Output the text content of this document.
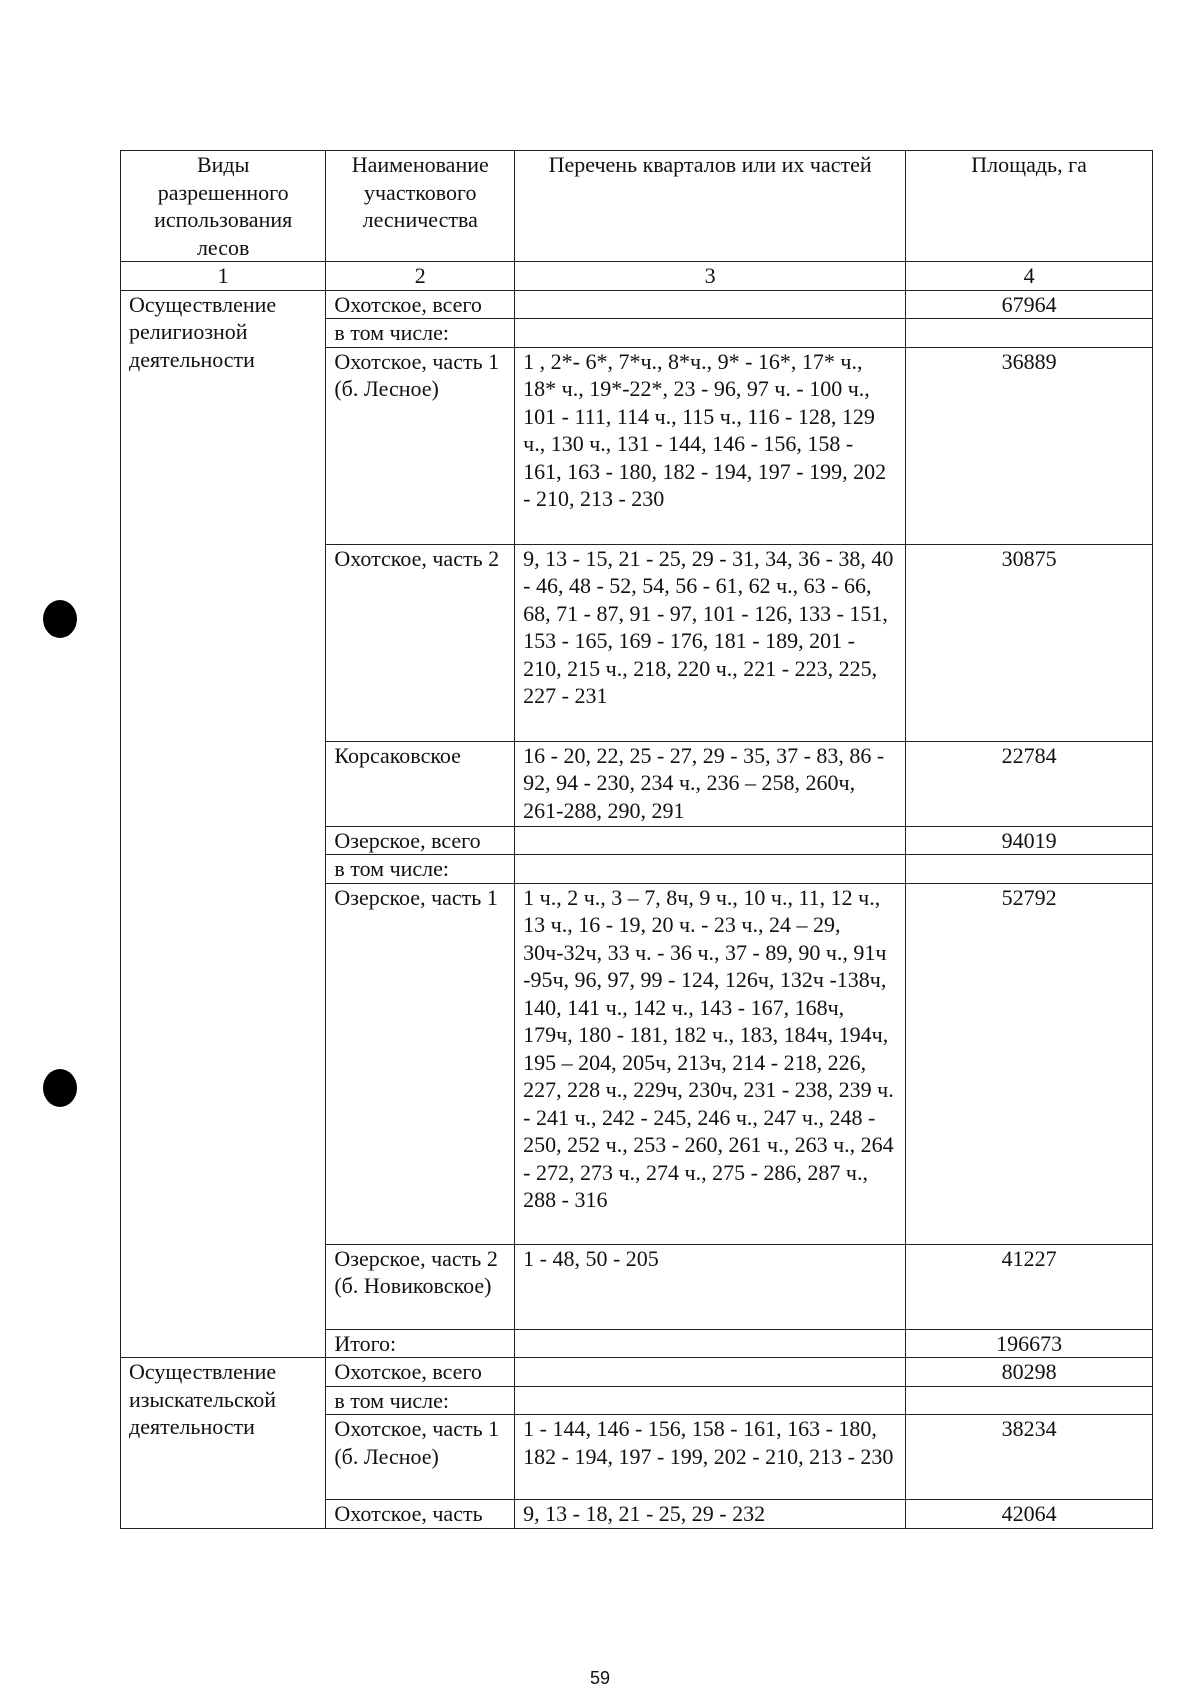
Виды разрешенного использования лесов	Наименование участкового лесничества	Перечень кварталов или их частей	Площадь, га
1	2	3	4
Осуществление религиозной деятельности	Охотское, всего		67964
	в том числе:		
	Охотское, часть 1 (б. Лесное)	1 , 2*- 6*, 7*ч., 8*ч., 9* - 16*, 17* ч., 18* ч., 19*-22*, 23 - 96, 97 ч. - 100 ч., 101 - 111, 114 ч., 115 ч., 116 - 128, 129 ч., 130 ч., 131 - 144, 146 - 156, 158 - 161, 163 - 180, 182 - 194, 197 - 199, 202 - 210, 213 - 230	36889
	Охотское, часть 2	9, 13 - 15, 21 - 25, 29 - 31, 34, 36 - 38, 40 - 46, 48 - 52, 54, 56 - 61, 62 ч., 63 - 66, 68, 71 - 87, 91 - 97, 101 - 126, 133 - 151, 153 - 165, 169 - 176, 181 - 189, 201 - 210, 215 ч., 218, 220 ч., 221 - 223, 225, 227 - 231	30875
	Корсаковское	16 - 20, 22, 25 - 27, 29 - 35, 37 - 83, 86 - 92, 94 - 230, 234 ч., 236 – 258, 260ч, 261-288, 290, 291	22784
	Озерское, всего		94019
	в том числе:		
	Озерское, часть 1	1 ч., 2 ч., 3 – 7, 8ч, 9 ч., 10 ч., 11, 12 ч., 13 ч., 16 - 19, 20 ч. - 23 ч., 24 – 29, 30ч-32ч, 33 ч. - 36 ч., 37 - 89, 90 ч., 91ч -95ч, 96, 97, 99 - 124, 126ч, 132ч -138ч, 140, 141 ч., 142 ч., 143 - 167, 168ч, 179ч, 180 - 181, 182 ч., 183, 184ч, 194ч, 195 – 204, 205ч, 213ч, 214 - 218, 226, 227, 228 ч., 229ч, 230ч, 231 - 238, 239 ч. - 241 ч., 242 - 245, 246 ч., 247 ч., 248 - 250, 252 ч., 253 - 260, 261 ч., 263 ч., 264 - 272, 273 ч., 274 ч., 275 - 286, 287 ч., 288 - 316	52792
	Озерское, часть 2 (б. Новиковское)	1 - 48, 50 - 205	41227
	Итого:		196673
Осуществление изыскательской деятельности	Охотское, всего		80298
	в том числе:		
	Охотское, часть 1 (б. Лесное)	1 - 144, 146 - 156, 158 - 161, 163 - 180, 182 - 194, 197 - 199, 202 - 210, 213 - 230	38234
	Охотское, часть	9, 13 - 18, 21 - 25, 29 - 232	42064
59
